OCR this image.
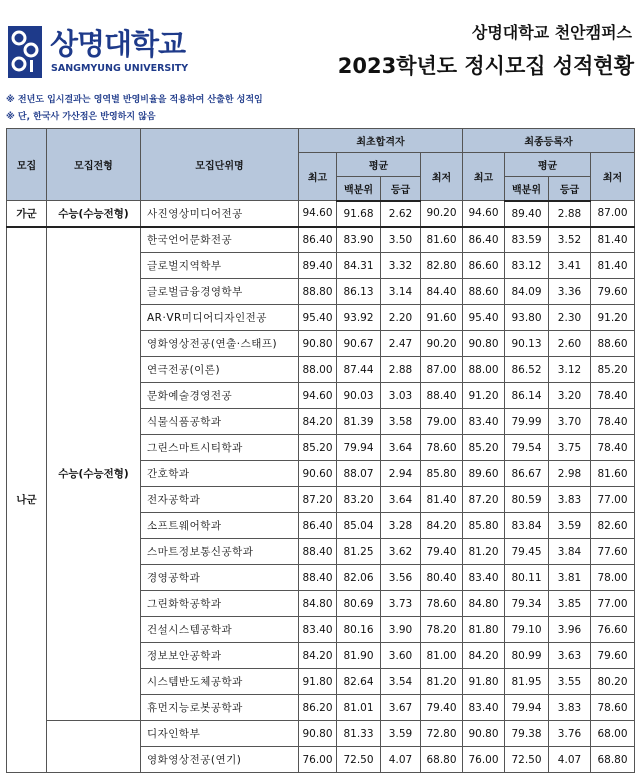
상명대학교
SANGMYUNG UNIVERSITY
상명대학교 천안캠퍼스
2023학년도 정시모집 성적현황
※ 전년도 입시결과는 영역별 반영비율을 적용하여 산출한 성적임
※ 단, 한국사 가산점은 반영하지 않음
모집	모집전형	모집단위명	최초합격자				최종등록자			
			최고	평균		최저	최고	평균		최저
				백분위	등급			백분위	등급	
가군	수능(수능전형)	사진영상미디어전공	94.60	91.68	2.62	90.20	94.60	89.40	2.88	87.00
나군	수능(수능전형)	한국언어문화전공	86.40	83.90	3.50	81.60	86.40	83.59	3.52	81.40
		글로벌지역학부	89.40	84.31	3.32	82.80	86.60	83.12	3.41	81.40
		글로벌금융경영학부	88.80	86.13	3.14	84.40	88.60	84.09	3.36	79.60
		AR·VR미디어디자인전공	95.40	93.92	2.20	91.60	95.40	93.80	2.30	91.20
		영화영상전공(연출·스태프)	90.80	90.67	2.47	90.20	90.80	90.13	2.60	88.60
		연극전공(이론)	88.00	87.44	2.88	87.00	88.00	86.52	3.12	85.20
		문화예술경영전공	94.60	90.03	3.03	88.40	91.20	86.14	3.20	78.40
		식물식품공학과	84.20	81.39	3.58	79.00	83.40	79.99	3.70	78.40
		그린스마트시티학과	85.20	79.94	3.64	78.60	85.20	79.54	3.75	78.40
		간호학과	90.60	88.07	2.94	85.80	89.60	86.67	2.98	81.60
		전자공학과	87.20	83.20	3.64	81.40	87.20	80.59	3.83	77.00
		소프트웨어학과	86.40	85.04	3.28	84.20	85.80	83.84	3.59	82.60
		스마트정보통신공학과	88.40	81.25	3.62	79.40	81.20	79.45	3.84	77.60
		경영공학과	88.40	82.06	3.56	80.40	83.40	80.11	3.81	78.00
		그린화학공학과	84.80	80.69	3.73	78.60	84.80	79.34	3.85	77.00
		건설시스템공학과	83.40	80.16	3.90	78.20	81.80	79.10	3.96	76.60
		정보보안공학과	84.20	81.90	3.60	81.00	84.20	80.99	3.63	79.60
		시스템반도체공학과	91.80	82.64	3.54	81.20	91.80	81.95	3.55	80.20
		휴먼지능로봇공학과	86.20	81.01	3.67	79.40	83.40	79.94	3.83	78.60
		디자인학부	90.80	81.33	3.59	72.80	90.80	79.38	3.76	68.00
		영화영상전공(연기)	76.00	72.50	4.07	68.80	76.00	72.50	4.07	68.80
